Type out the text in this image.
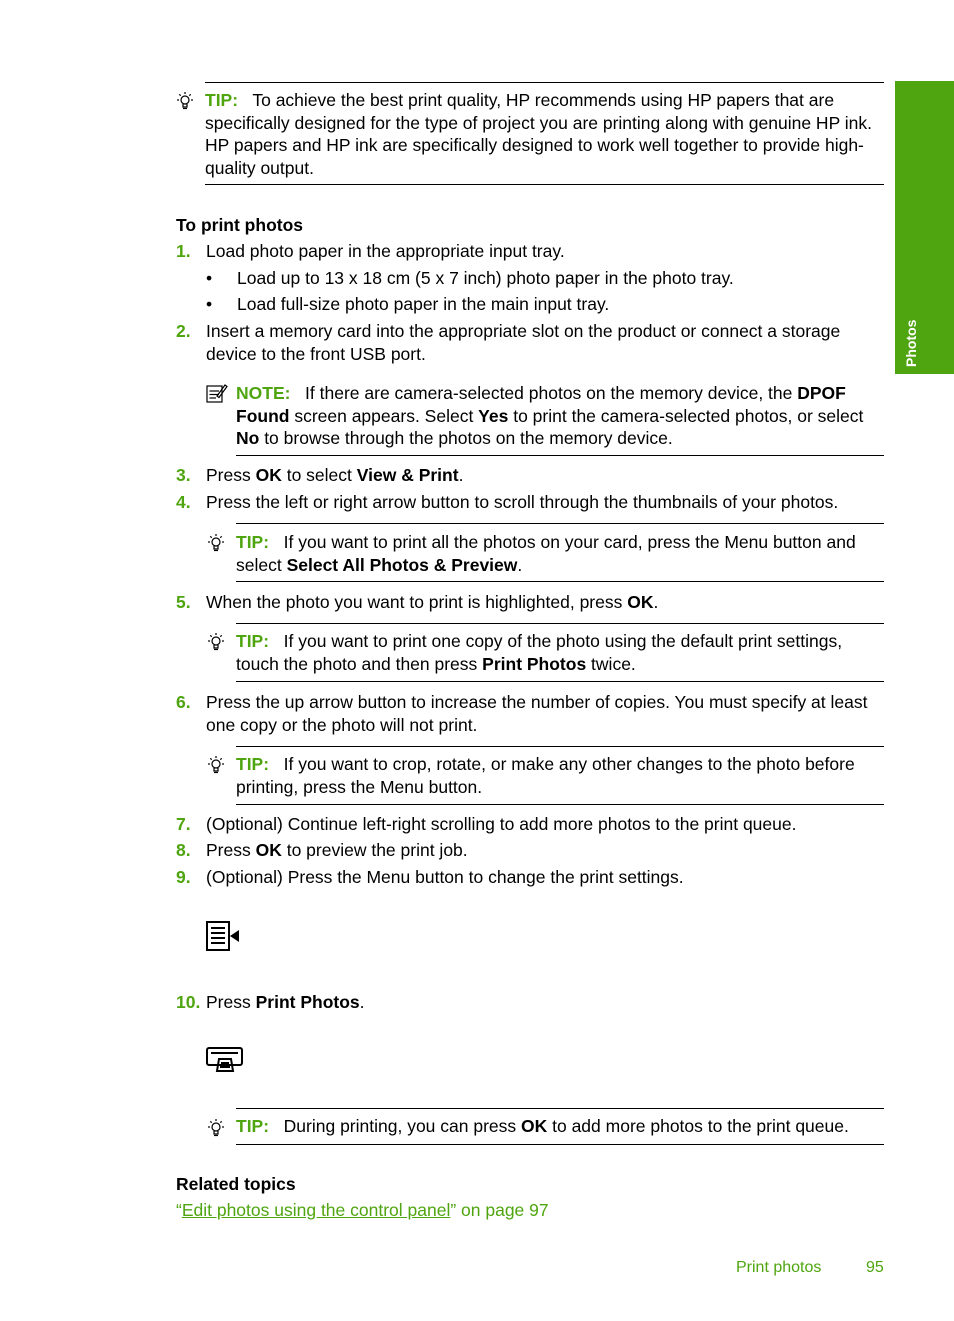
Photos
TIP: To achieve the best print quality, HP recommends using HP papers that are specifically designed for the type of project you are printing along with genuine HP ink. HP papers and HP ink are specifically designed to work well together to provide high-quality output.
To print photos
1. Load photo paper in the appropriate input tray.
• Load up to 13 x 18 cm (5 x 7 inch) photo paper in the photo tray.
• Load full-size photo paper in the main input tray.
2. Insert a memory card into the appropriate slot on the product or connect a storage device to the front USB port.
NOTE: If there are camera-selected photos on the memory device, the DPOF Found screen appears. Select Yes to print the camera-selected photos, or select No to browse through the photos on the memory device.
3. Press OK to select View & Print.
4. Press the left or right arrow button to scroll through the thumbnails of your photos.
TIP: If you want to print all the photos on your card, press the Menu button and select Select All Photos & Preview.
5. When the photo you want to print is highlighted, press OK.
TIP: If you want to print one copy of the photo using the default print settings, touch the photo and then press Print Photos twice.
6. Press the up arrow button to increase the number of copies. You must specify at least one copy or the photo will not print.
TIP: If you want to crop, rotate, or make any other changes to the photo before printing, press the Menu button.
7. (Optional) Continue left-right scrolling to add more photos to the print queue.
8. Press OK to preview the print job.
9. (Optional) Press the Menu button to change the print settings.
10. Press Print Photos.
TIP: During printing, you can press OK to add more photos to the print queue.
Related topics
“Edit photos using the control panel” on page 97
Print photos	95
